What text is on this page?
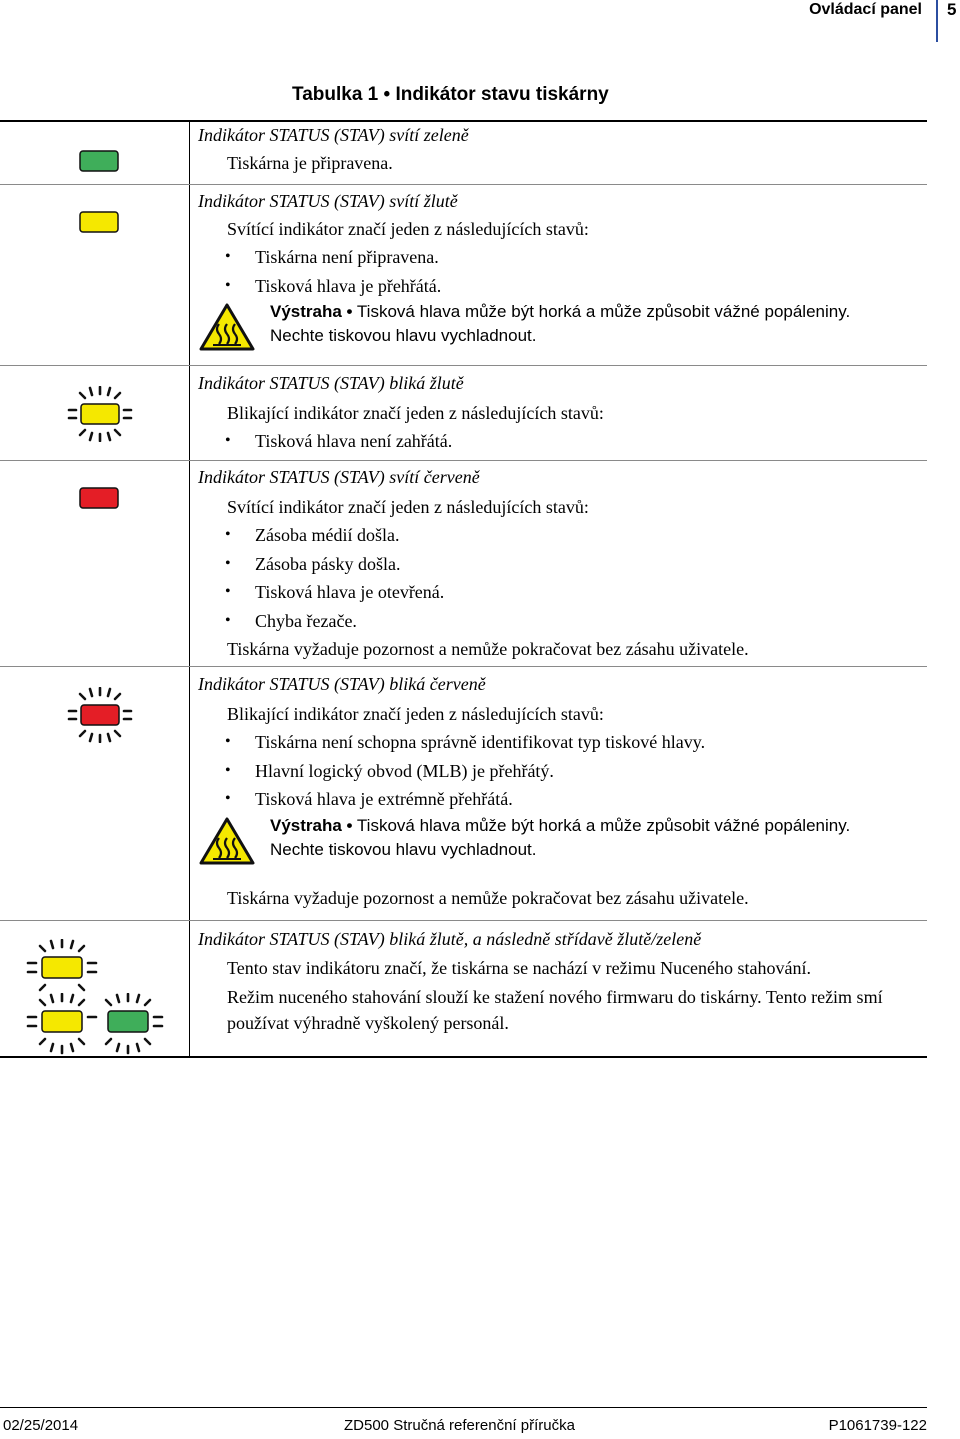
Ovládací panel 5
Tabulka 1 • Indikátor stavu tiskárny
Indikátor STATUS (STAV) svítí zeleně
Tiskárna je připravena.
Indikátor STATUS (STAV) svítí žlutě
Svítící indikátor značí jeden z následujících stavů:
• Tiskárna není připravena.
• Tisková hlava je přehřátá.
Výstraha • Tisková hlava může být horká a může způsobit vážné popáleniny. Nechte tiskovou hlavu vychladnout.
Indikátor STATUS (STAV) bliká žlutě
Blikající indikátor značí jeden z následujících stavů:
• Tisková hlava není zahřátá.
Indikátor STATUS (STAV) svítí červeně
Svítící indikátor značí jeden z následujících stavů:
• Zásoba médií došla.
• Zásoba pásky došla.
• Tisková hlava je otevřená.
• Chyba řezače.
Tiskárna vyžaduje pozornost a nemůže pokračovat bez zásahu uživatele.
Indikátor STATUS (STAV) bliká červeně
Blikající indikátor značí jeden z následujících stavů:
• Tiskárna není schopna správně identifikovat typ tiskové hlavy.
• Hlavní logický obvod (MLB) je přehřátý.
• Tisková hlava je extrémně přehřátá.
Výstraha • Tisková hlava může být horká a může způsobit vážné popáleniny. Nechte tiskovou hlavu vychladnout.
Tiskárna vyžaduje pozornost a nemůže pokračovat bez zásahu uživatele.
Indikátor STATUS (STAV) bliká žlutě, a následně střídavě žlutě/zeleně
Tento stav indikátoru značí, že tiskárna se nachází v režimu Nuceného stahování.
Režim nuceného stahování slouží ke stažení nového firmwaru do tiskárny. Tento režim smí používat výhradně vyškolený personál.
02/25/2014	ZD500 Stručná referenční příručka	P1061739-122
